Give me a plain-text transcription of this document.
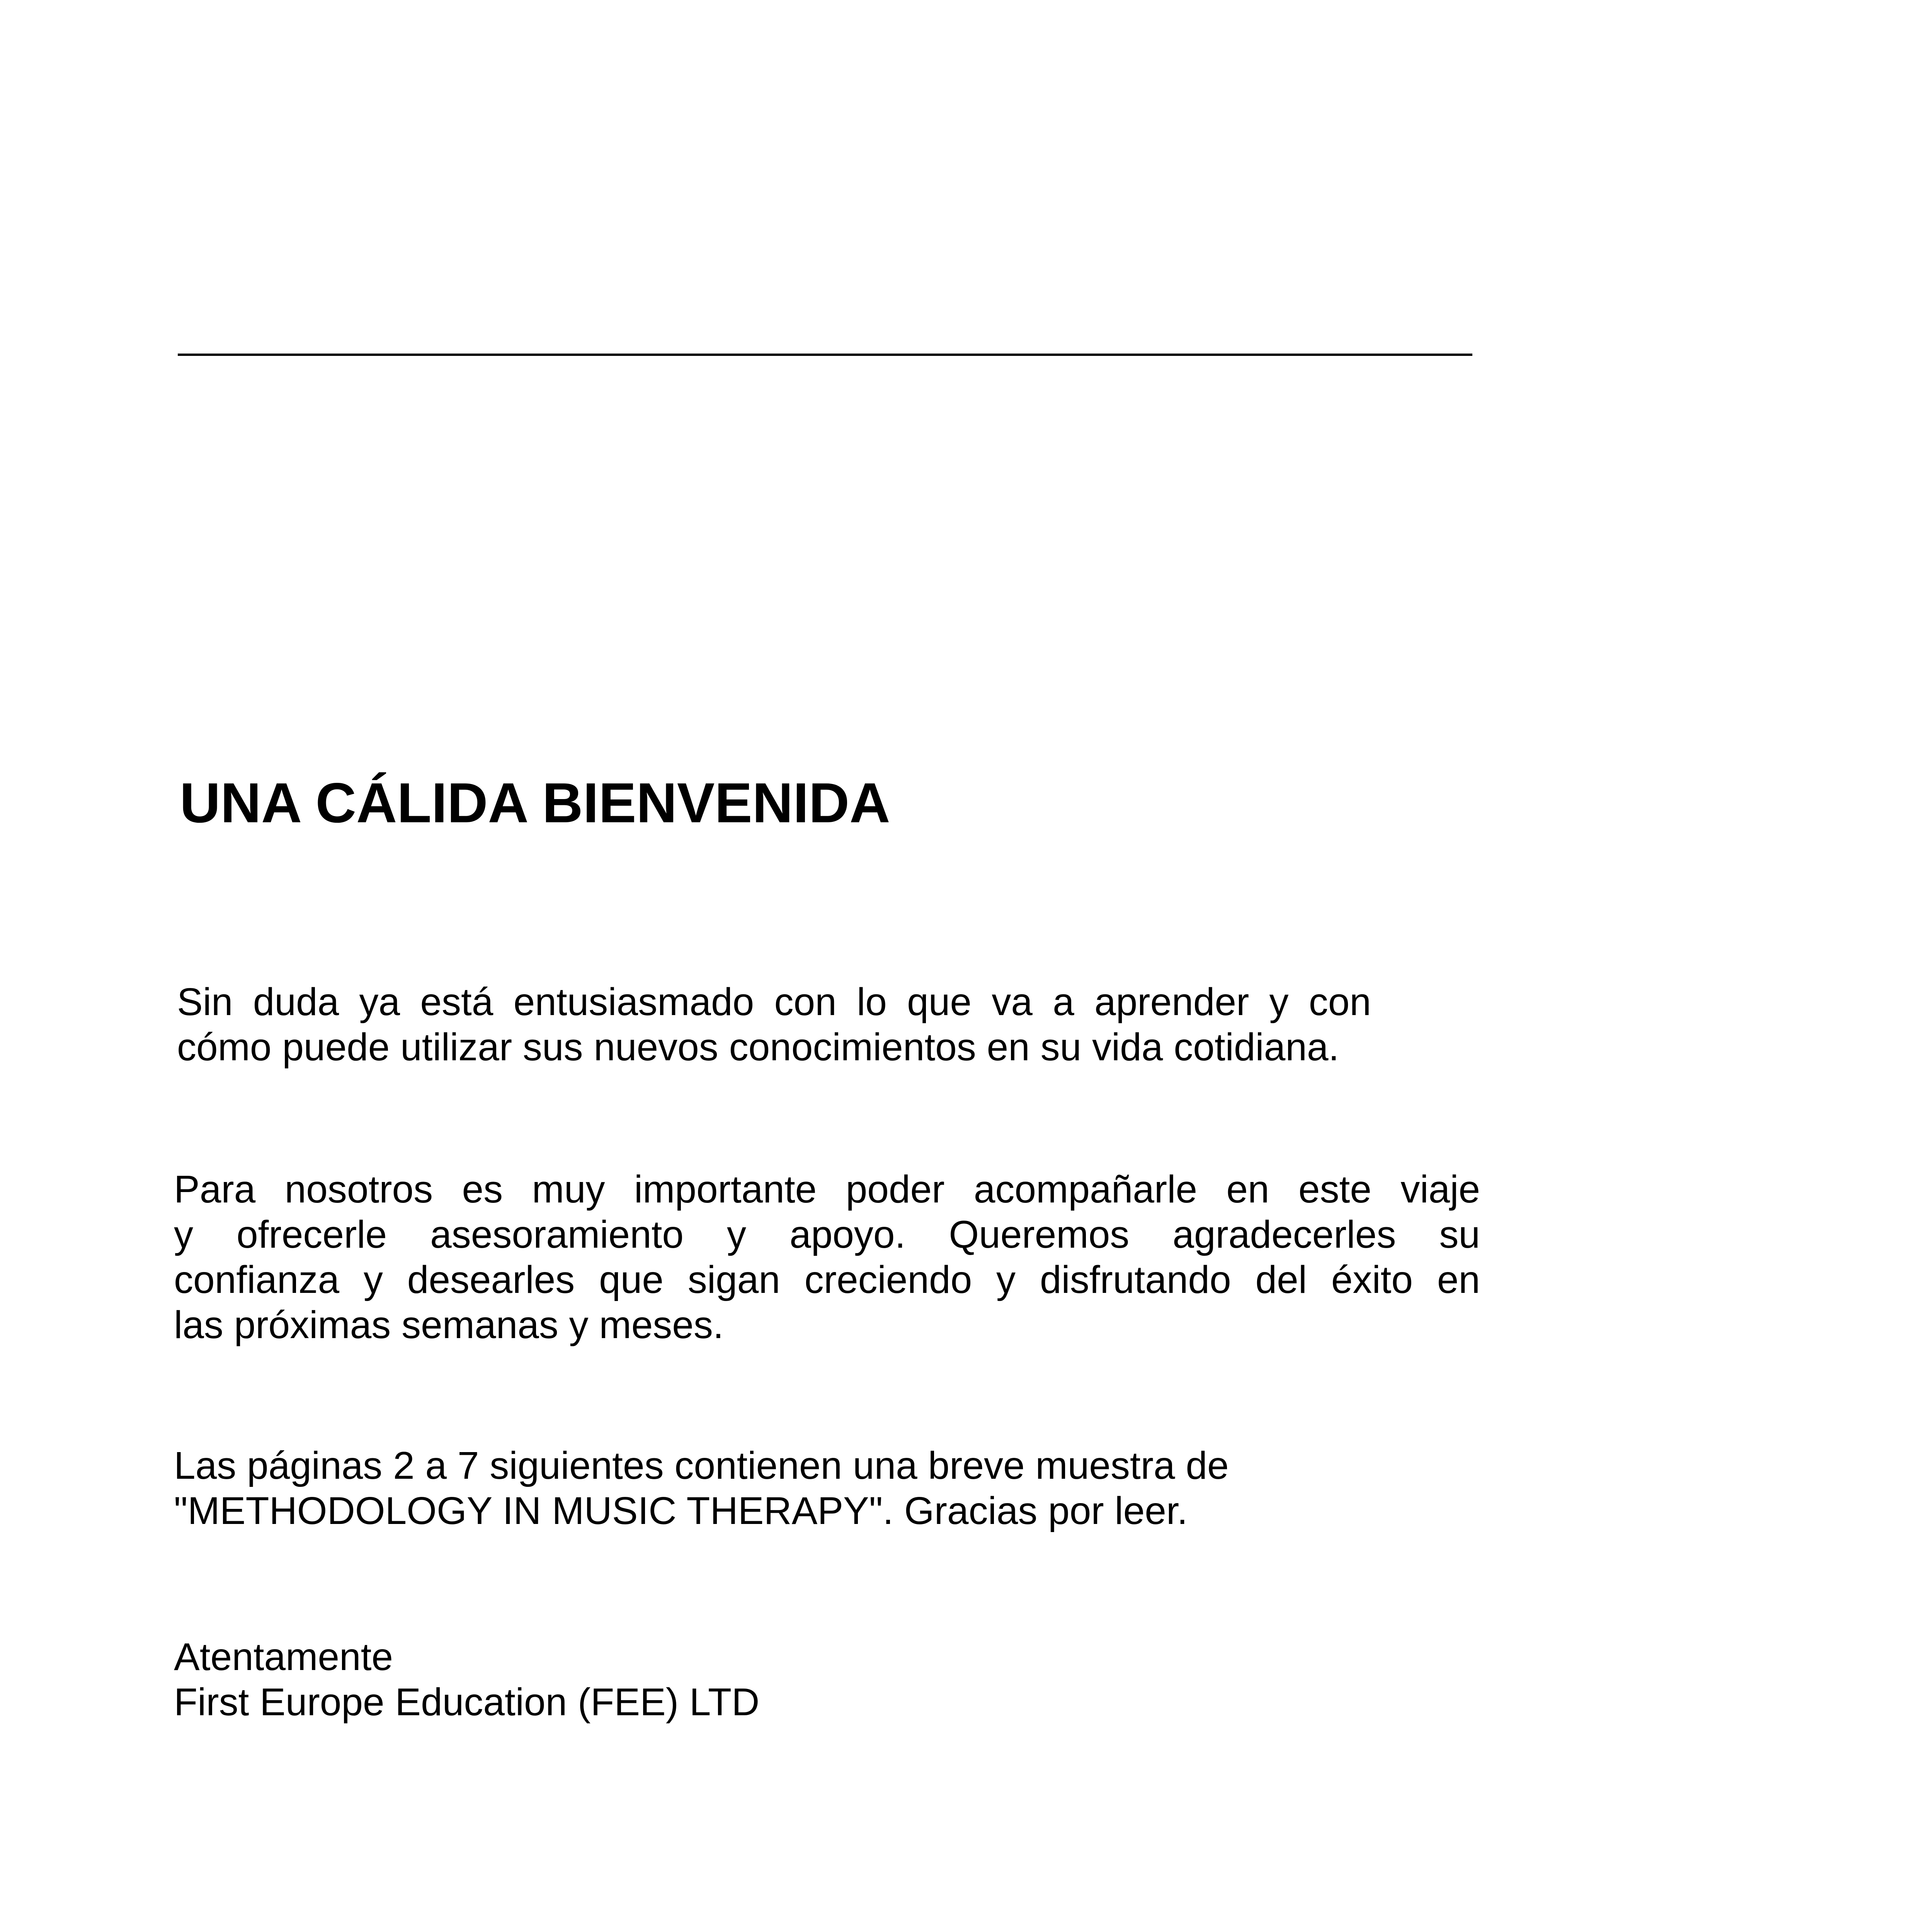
UNA CÁLIDA BIENVENIDA
Sin duda ya está entusiasmado con lo que va a aprender y con
cómo puede utilizar sus nuevos conocimientos en su vida cotidiana.
Para nosotros es muy importante poder acompañarle en este viaje
y ofrecerle asesoramiento y apoyo. Queremos agradecerles su
confianza y desearles que sigan creciendo y disfrutando del éxito en
las próximas semanas y meses.
Las páginas 2 a 7 siguientes contienen una breve muestra de
"METHODOLOGY IN MUSIC THERAPY". Gracias por leer.
Atentamente
First Europe Education (FEE) LTD
